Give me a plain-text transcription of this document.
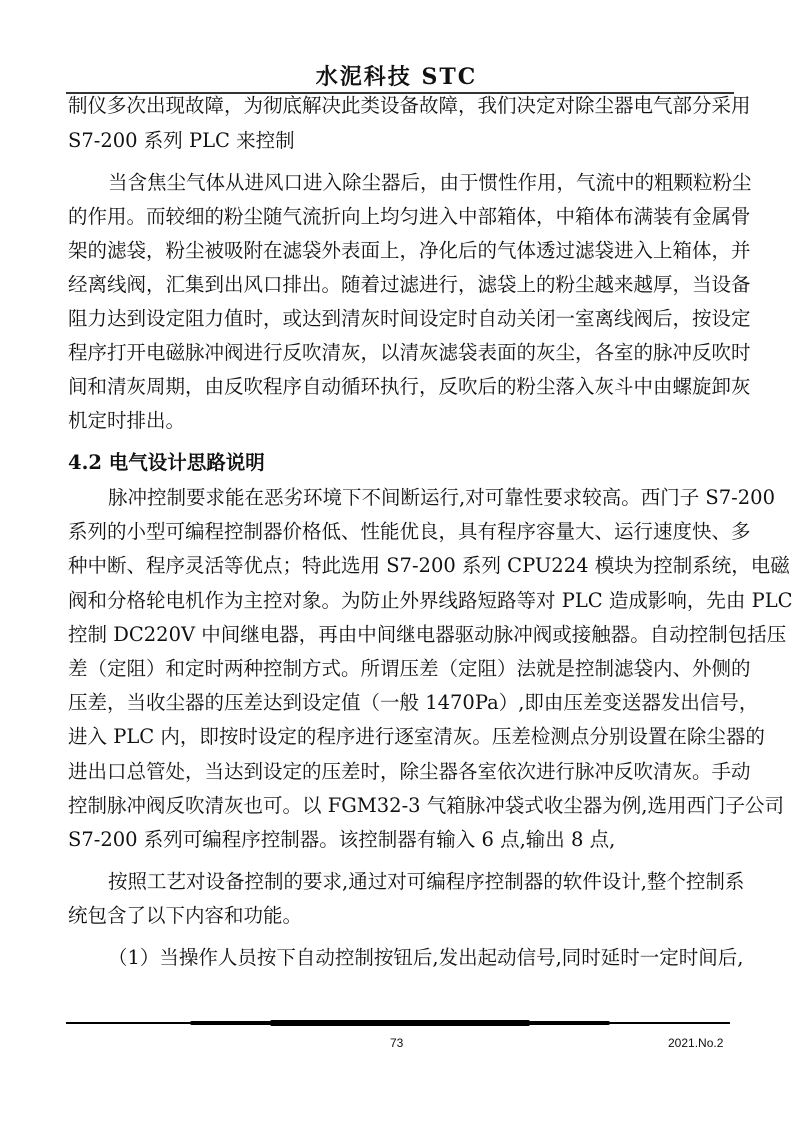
水泥科技 STC
制仪多次出现故障，为彻底解决此类设备故障，我们决定对除尘器电气部分采用
S7-200 系列 PLC 来控制
当含焦尘气体从进风口进入除尘器后，由于惯性作用，气流中的粗颗粒粉尘
的作用。而较细的粉尘随气流折向上均匀进入中部箱体，中箱体布满装有金属骨
架的滤袋，粉尘被吸附在滤袋外表面上，净化后的气体透过滤袋进入上箱体，并
经离线阀，汇集到出风口排出。随着过滤进行，滤袋上的粉尘越来越厚，当设备
阻力达到设定阻力值时，或达到清灰时间设定时自动关闭一室离线阀后，按设定
程序打开电磁脉冲阀进行反吹清灰，以清灰滤袋表面的灰尘，各室的脉冲反吹时
间和清灰周期，由反吹程序自动循环执行，反吹后的粉尘落入灰斗中由螺旋卸灰
机定时排出。
4.2 电气设计思路说明
脉冲控制要求能在恶劣环境下不间断运行,对可靠性要求较高。西门子 S7-200
系列的小型可编程控制器价格低、性能优良，具有程序容量大、运行速度快、多
种中断、程序灵活等优点；特此选用 S7-200 系列 CPU224 模块为控制系统，电磁
阀和分格轮电机作为主控对象。为防止外界线路短路等对 PLC 造成影响，先由 PLC
控制 DC220V 中间继电器，再由中间继电器驱动脉冲阀或接触器。自动控制包括压
差（定阻）和定时两种控制方式。所谓压差（定阻）法就是控制滤袋内、外侧的
压差，当收尘器的压差达到设定值（一般 1470Pa）,即由压差变送器发出信号，
进入 PLC 内，即按时设定的程序进行逐室清灰。压差检测点分别设置在除尘器的
进出口总管处，当达到设定的压差时，除尘器各室依次进行脉冲反吹清灰。手动
控制脉冲阀反吹清灰也可。以 FGM32-3 气箱脉冲袋式收尘器为例,选用西门子公司
S7-200 系列可编程序控制器。该控制器有输入 6 点,输出 8 点,
按照工艺对设备控制的要求,通过对可编程序控制器的软件设计,整个控制系
统包含了以下内容和功能。
（1）当操作人员按下自动控制按钮后,发出起动信号,同时延时一定时间后,
73	2021.No.2
